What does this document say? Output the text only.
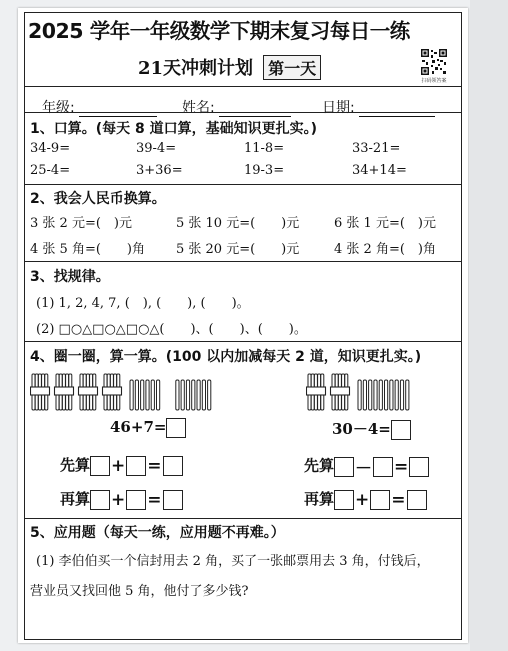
2025 学年一年级数学下期末复习每日一练
21天冲刺计划 第一天
扫码领答案
年级:	姓名:	日期:
1、口算。(每天 8 道口算，基础知识更扎实。)
34-9=	39-4=	11-8=	33-21=
25-4=	3+36=	19-3=	34+14=
2、我会人民币换算。
3 张 2 元=(　)元	5 张 10 元=(　　)元	6 张 1 元=(　)元
4 张 5 角=(　　)角 5 张 20 元=(　　)元	4 张 2 角=(　)角
3、找规律。
(1) 1, 2, 4, 7, (　), (　　), (　　)。
(2) □○△□○△□○△(　　)、(　　)、(　　)。
4、圈一圈，算一算。(100 以内加减每天 2 道，知识更扎实。)
46+7=	30－4=
先算 + =	先算 － =
再算 + =	再算 + =
5、应用题（每天一练，应用题不再难。）
(1) 李伯伯买一个信封用去 2 角，买了一张邮票用去 3 角，付钱后，
营业员又找回他 5 角，他付了多少钱?
